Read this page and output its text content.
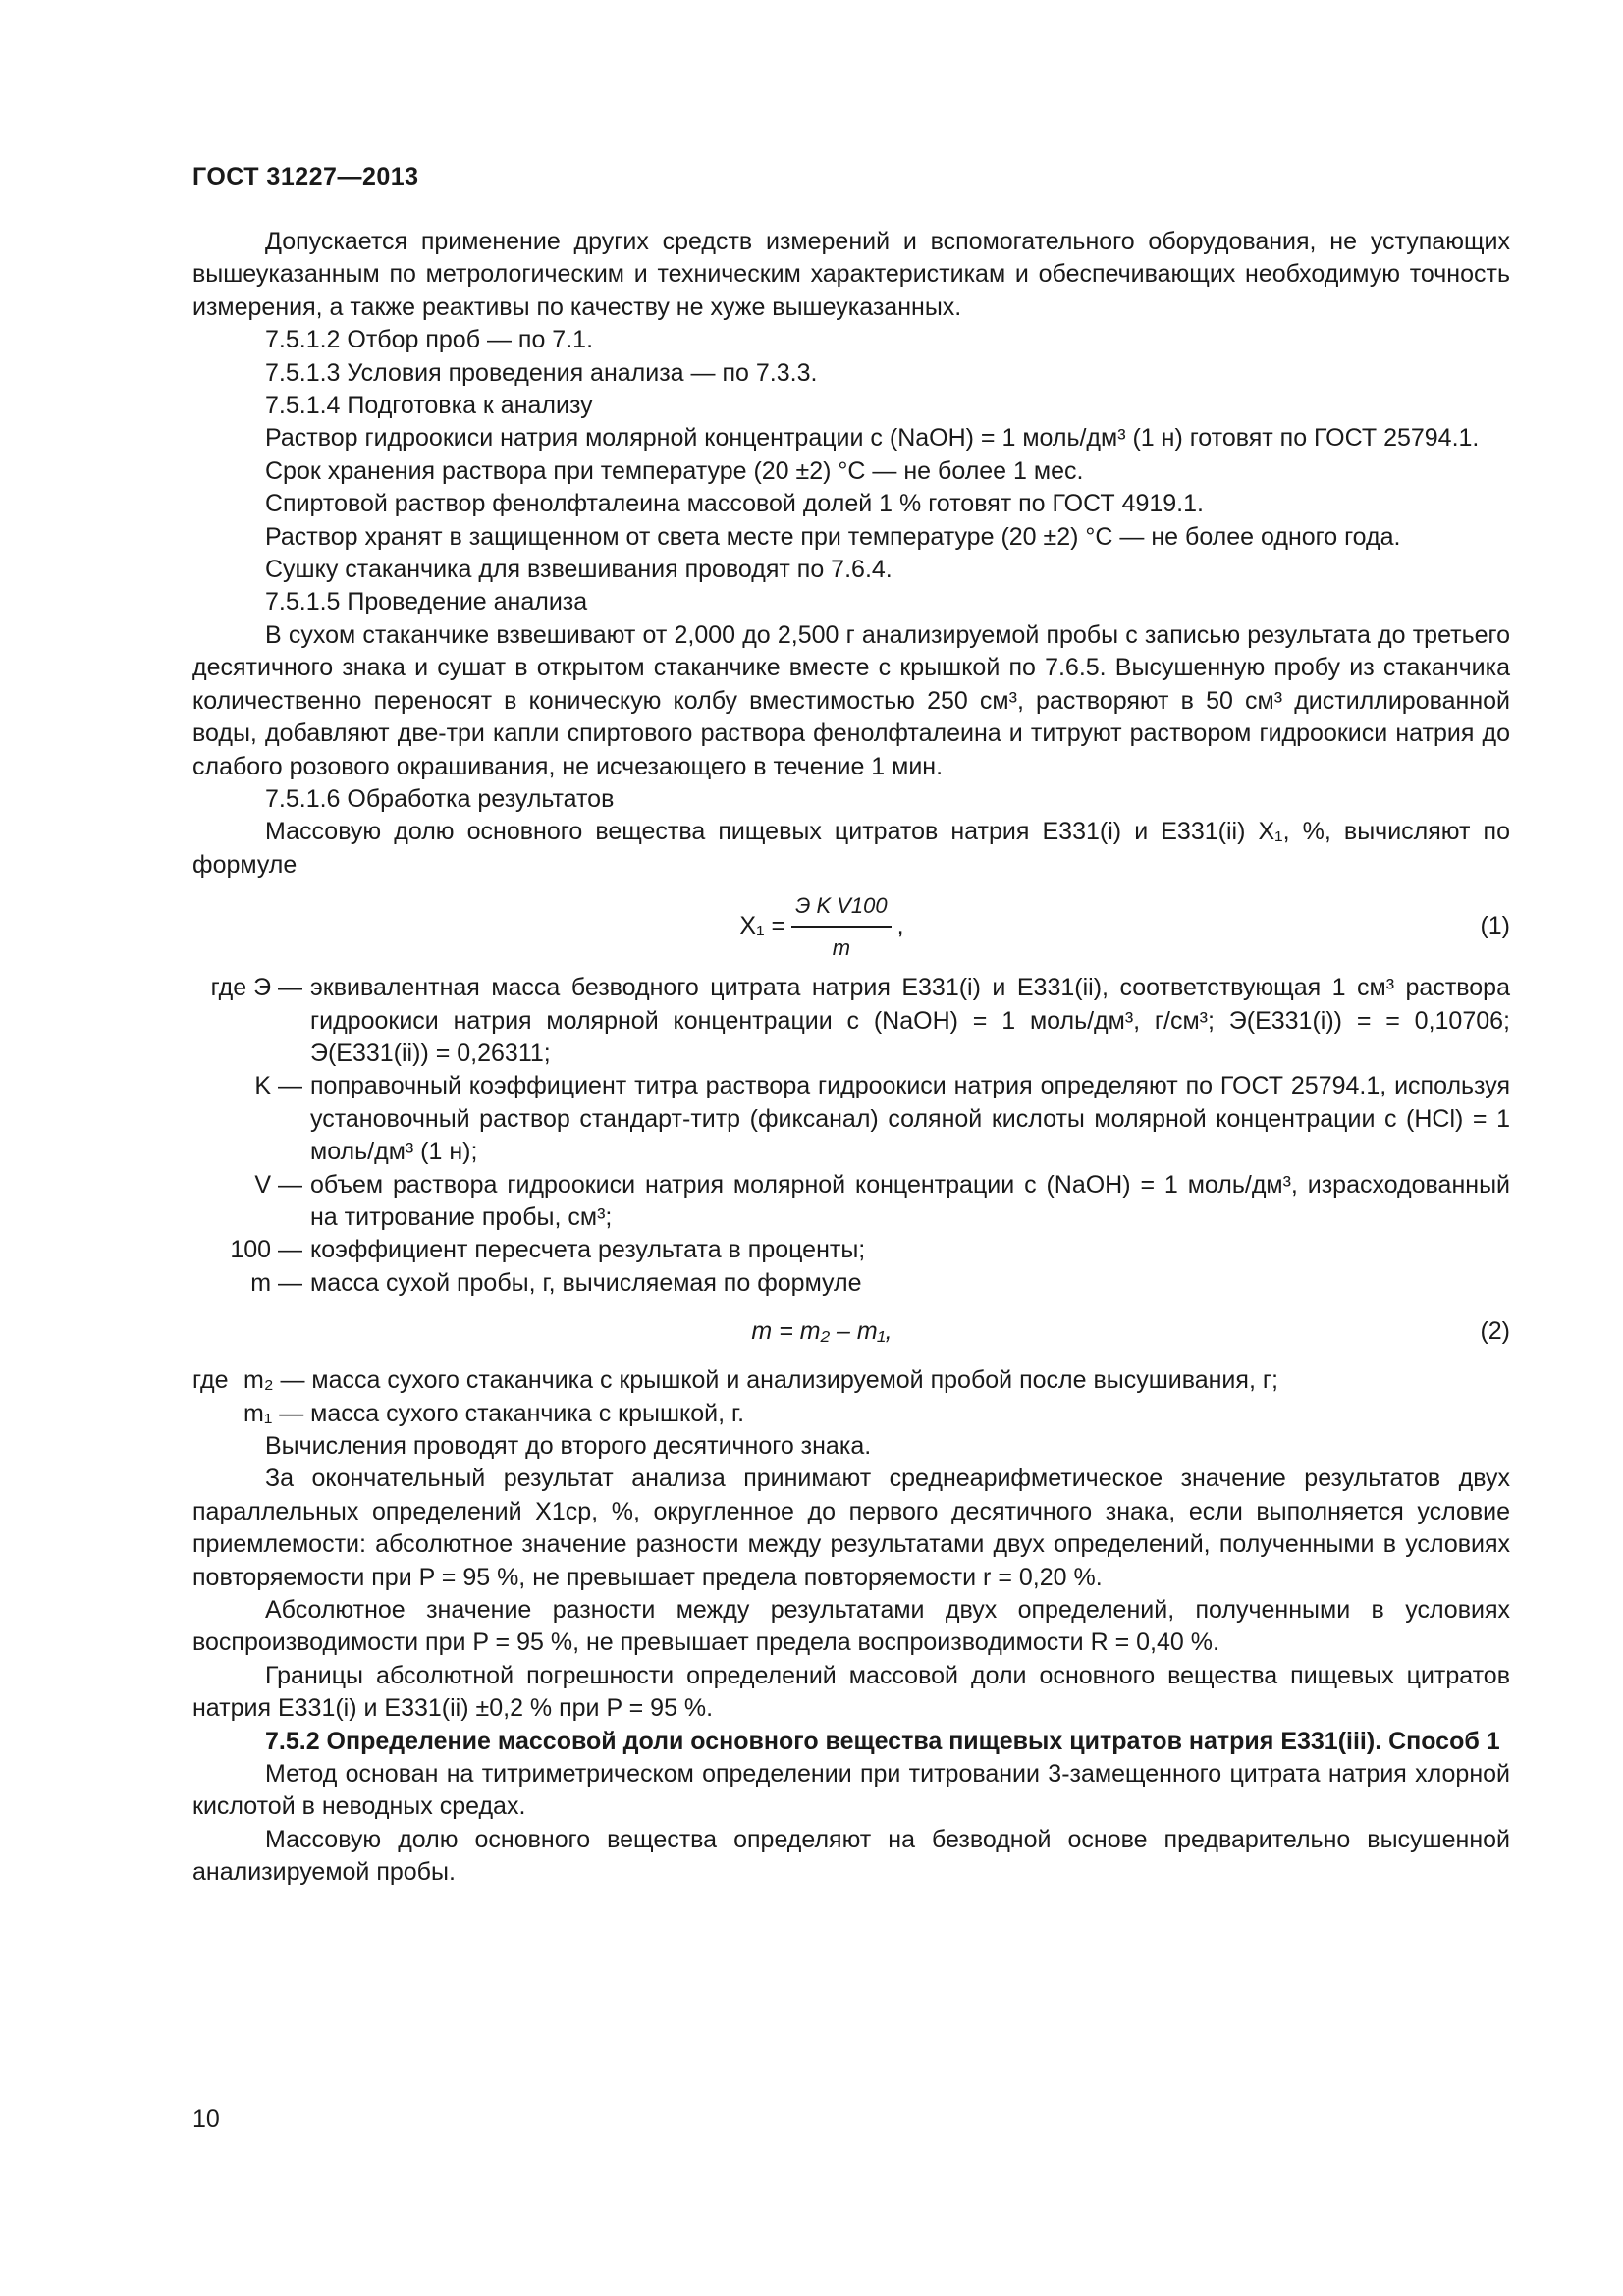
ГОСТ 31227—2013

Допускается применение других средств измерений и вспомогательного оборудования, не уступающих вышеуказанным по метрологическим и техническим характеристикам и обеспечивающих необходимую точность измерения, а также реактивы по качеству не хуже вышеуказанных.

7.5.1.2 Отбор проб — по 7.1.

7.5.1.3 Условия проведения анализа — по 7.3.3.

7.5.1.4 Подготовка к анализу

Раствор гидроокиси натрия молярной концентрации c (NaOH) = 1 моль/дм³ (1 н) готовят по ГОСТ 25794.1.

Срок хранения раствора при температуре (20 ±2) °С — не более 1 мес.

Спиртовой раствор фенолфталеина массовой долей 1 % готовят по ГОСТ 4919.1.

Раствор хранят в защищенном от света месте при температуре (20 ±2) °С — не более одного года.

Сушку стаканчика для взвешивания проводят по 7.6.4.

7.5.1.5 Проведение анализа

В сухом стаканчике взвешивают от 2,000 до 2,500 г анализируемой пробы с записью результата до третьего десятичного знака и сушат в открытом стаканчике вместе с крышкой по 7.6.5. Высушенную пробу из стаканчика количественно переносят в коническую колбу вместимостью 250 см³, растворяют в 50 см³ дистиллированной воды, добавляют две-три капли спиртового раствора фенолфталеина и титруют раствором гидроокиси натрия до слабого розового окрашивания, не исчезающего в течение 1 мин.

7.5.1.6 Обработка результатов

Массовую долю основного вещества пищевых цитратов натрия Е331(i) и Е331(ii) X₁, %, вычисляют по формуле

$X_1 = \frac{\text{Э K V100}}{m}$ ,	(1)
где Э — эквивалентная масса безводного цитрата натрия Е331(i) и Е331(ii), соответствующая 1 см³ раствора гидроокиси натрия молярной концентрации c (NaOH) = 1 моль/дм³, г/см³; Э(E331(i)) = = 0,10706; Э(E331(ii)) = 0,26311;
K — поправочный коэффициент титра раствора гидроокиси натрия определяют по ГОСТ 25794.1, используя установочный раствор стандарт-титр (фиксанал) соляной кислоты молярной концентрации c (HCl) = 1 моль/дм³ (1 н);
V — объем раствора гидроокиси натрия молярной концентрации c (NaOH) = 1 моль/дм³, израсходованный на титрование пробы, см³;
100 — коэффициент пересчета результата в проценты;
m — масса сухой пробы, г, вычисляемая по формуле
m = m₂ – m₁,	(2)
где m₂ — масса сухого стаканчика с крышкой и анализируемой пробой после высушивания, г;
m₁ — масса сухого стаканчика с крышкой, г.

Вычисления проводят до второго десятичного знака.

За окончательный результат анализа принимают среднеарифметическое значение результатов двух параллельных определений X1ср, %, округленное до первого десятичного знака, если выполняется условие приемлемости: абсолютное значение разности между результатами двух определений, полученными в условиях повторяемости при P = 95 %, не превышает предела повторяемости r = 0,20 %.

Абсолютное значение разности между результатами двух определений, полученными в условиях воспроизводимости при P = 95 %, не превышает предела воспроизводимости R = 0,40 %.

Границы абсолютной погрешности определений массовой доли основного вещества пищевых цитратов натрия Е331(i) и Е331(ii) ±0,2 % при P = 95 %.

7.5.2 Определение массовой доли основного вещества пищевых цитратов натрия Е331(iii). Способ 1

Метод основан на титриметрическом определении при титровании 3-замещенного цитрата натрия хлорной кислотой в неводных средах.

Массовую долю основного вещества определяют на безводной основе предварительно высушенной анализируемой пробы.

10
